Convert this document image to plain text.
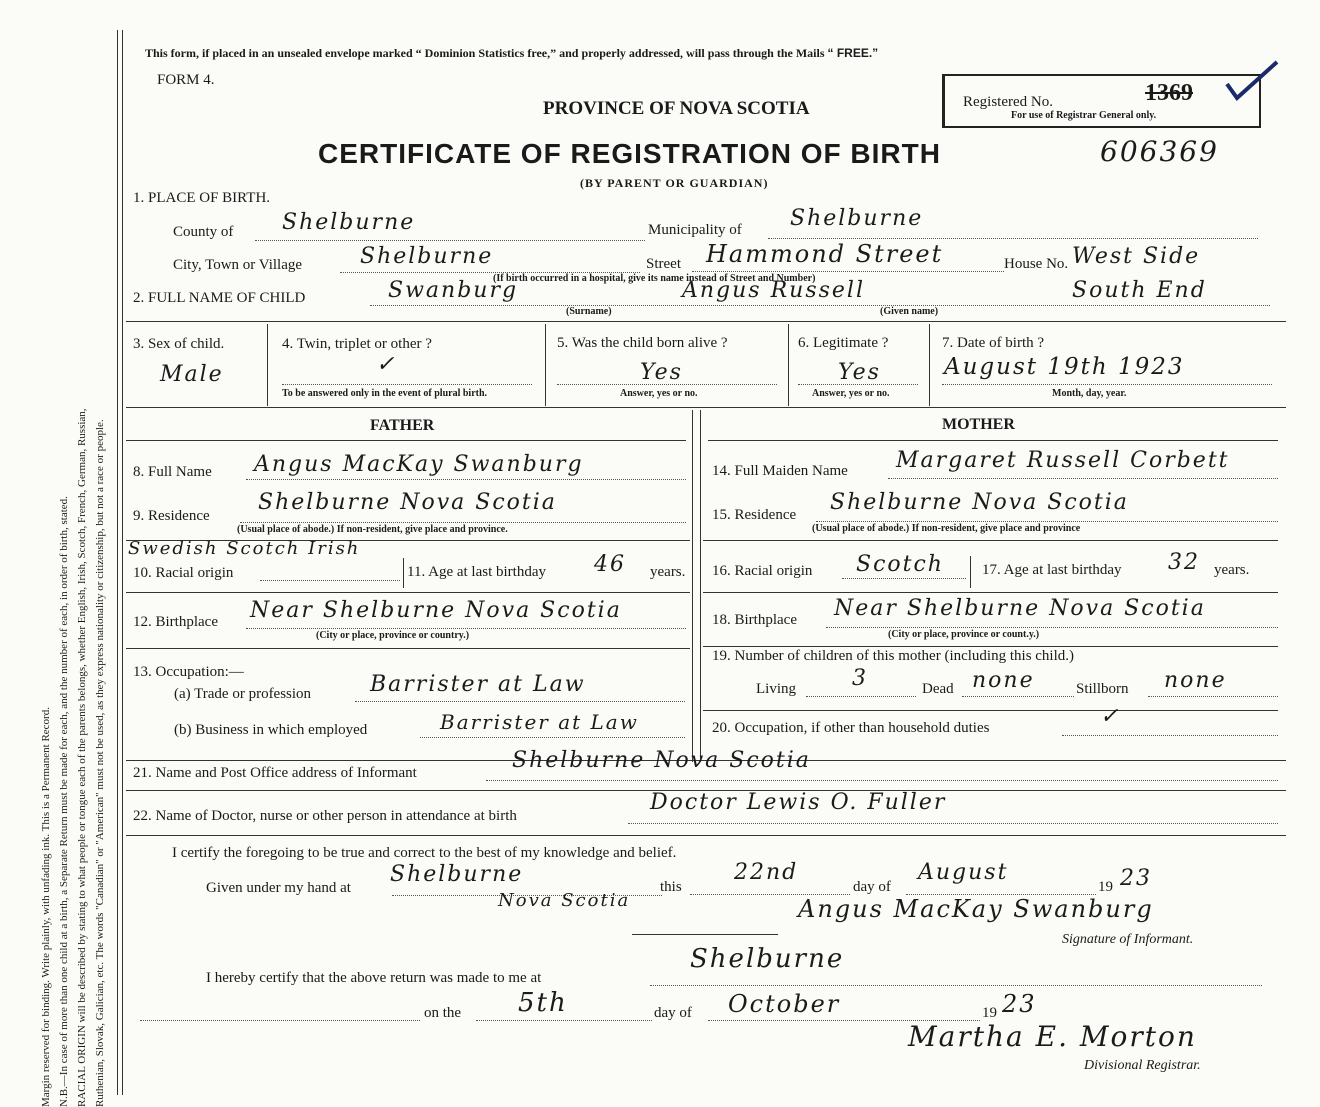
Margin reserved for binding. Write plainly, with unfading ink. This is a Permanent Record. N.B.—In case of more than one child at a birth, a Separate Return must be made for each, and the number of each, in order of birth, stated. RACIAL ORIGIN will be described by stating to what people or tongue each of the parents belongs, whether English, Irish, Scotch, French, German, Russian, Ruthenian, Slovak, Galician, etc. The words "Canadian" or "American" must not be used, as they express nationality or citizenship, but not a race or people.
This form, if placed in an unsealed envelope marked “ Dominion Statistics free,” and properly addressed, will pass through the Mails “ FREE.”
FORM 4.
PROVINCE OF NOVA SCOTIA
CERTIFICATE OF REGISTRATION OF BIRTH	606369
(BY PARENT OR GUARDIAN)
Registered No.	1369
For use of Registrar General only.
1. PLACE OF BIRTH.
County of Shelburne	Municipality of Shelburne
City, Town or Village	Shelburne	Street Hammond Street	House No. West Side
South End
(If birth occurred in a hospital, give its name instead of Street and Number)
2. FULL NAME OF CHILD	Swanburg	Angus Russell
(Surname)	(Given name)
3. Sex of child.
Male
4. Twin, triplet or other ?
✓
To be answered only in the event of plural birth.
5. Was the child born alive ?
Yes
Answer, yes or no.
6. Legitimate ?
Yes
Answer, yes or no.
7. Date of birth ?
August 19th 1923
Month, day, year.
FATHER	MOTHER
8. Full Name Angus MacKay Swanburg
9. Residence
Shelburne Nova Scotia
(Usual place of abode.) If non-resident, give place and province.
Swedish Scotch Irish
10. Racial origin	11. Age at last birthday 46 years.
12. Birthplace Near Shelburne Nova Scotia
(City or place, province or country.)
13. Occupation:—
(a) Trade or profession	Barrister at Law
(b) Business in which employed	Barrister at Law
14. Full Maiden Name Margaret Russell Corbett
15. Residence Shelburne Nova Scotia
(Usual place of abode.) If non-resident, give place and province
16. Racial origin Scotch	17. Age at last birthday 32 years.
18. Birthplace Near Shelburne Nova Scotia
(City or place, province or count.y.)
19. Number of children of this mother (including this child.)
Living	3	Dead none	Stillborn none
20. Occupation, if other than household duties	✓
21. Name and Post Office address of Informant	Shelburne Nova Scotia
22. Name of Doctor, nurse or other person in attendance at birth
Doctor Lewis O. Fuller
I certify the foregoing to be true and correct to the best of my knowledge and belief.
Given under my hand at
Shelburne
Nova Scotia
this
22nd
day of
August
19 23
Angus MacKay Swanburg
Signature of Informant.
I hereby certify that the above return was made to me at
Shelburne
on the 5th	day of October	19 23
Martha E. Morton
Divisional Registrar.
